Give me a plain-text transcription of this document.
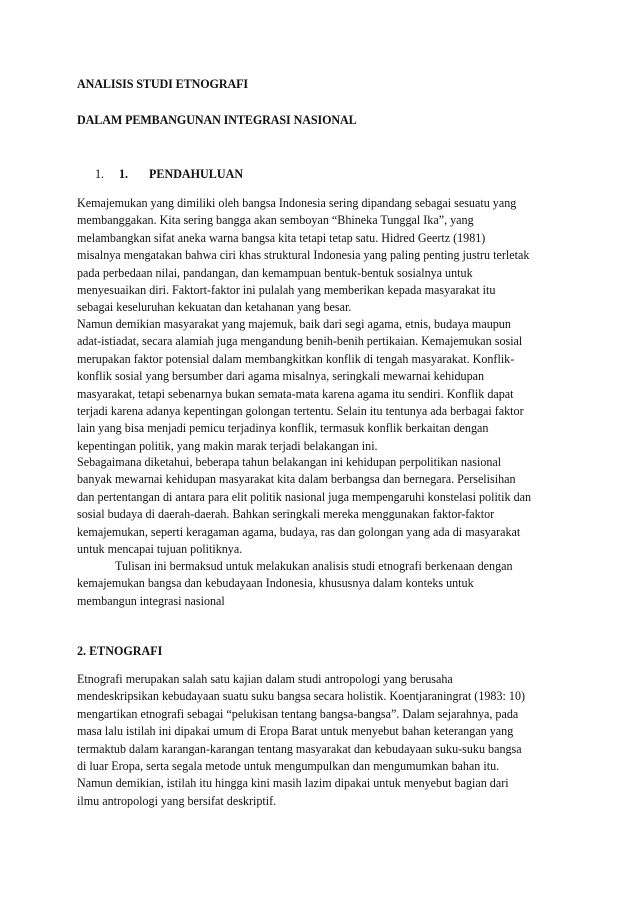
ANALISIS STUDI ETNOGRAFI
DALAM PEMBANGUNAN INTEGRASI NASIONAL
1. 1. PENDAHULUAN
Kemajemukan yang dimiliki oleh bangsa Indonesia sering dipandang sebagai sesuatu yang
membanggakan. Kita sering bangga akan semboyan “Bhineka Tunggal Ika”, yang
melambangkan sifat aneka warna bangsa kita tetapi tetap satu. Hidred Geertz (1981)
misalnya mengatakan bahwa ciri khas struktural Indonesia yang paling penting justru terletak
pada perbedaan nilai, pandangan, dan kemampuan bentuk-bentuk sosialnya untuk
menyesuaikan diri. Faktort-faktor ini pulalah yang memberikan kepada masyarakat itu
sebagai keseluruhan kekuatan dan ketahanan yang besar.
Namun demikian masyarakat yang majemuk, baik dari segi agama, etnis, budaya maupun
adat-istiadat, secara alamiah juga mengandung benih-benih pertikaian. Kemajemukan sosial
merupakan faktor potensial dalam membangkitkan konflik di tengah masyarakat. Konflik-
konflik sosial yang bersumber dari agama misalnya, seringkali mewarnai kehidupan
masyarakat, tetapi sebenarnya bukan semata-mata karena agama itu sendiri. Konflik dapat
terjadi karena adanya kepentingan golongan tertentu. Selain itu tentunya ada berbagai faktor
lain yang bisa menjadi pemicu terjadinya konflik, termasuk konflik berkaitan dengan
kepentingan politik, yang makin marak terjadi belakangan ini.
Sebagaimana diketahui, beberapa tahun belakangan ini kehidupan perpolitikan nasional
banyak mewarnai kehidupan masyarakat kita dalam berbangsa dan bernegara. Perselisihan
dan pertentangan di antara para elit politik nasional juga mempengaruhi konstelasi politik dan
sosial budaya di daerah-daerah. Bahkan seringkali mereka menggunakan faktor-faktor
kemajemukan, seperti keragaman agama, budaya, ras dan golongan yang ada di masyarakat
untuk mencapai tujuan politiknya.
Tulisan ini bermaksud untuk melakukan analisis studi etnografi berkenaan dengan
kemajemukan bangsa dan kebudayaan Indonesia, khususnya dalam konteks untuk
membangun integrasi nasional
2. ETNOGRAFI
Etnografi merupakan salah satu kajian dalam studi antropologi yang berusaha
mendeskripsikan kebudayaan suatu suku bangsa secara holistik. Koentjaraningrat (1983: 10)
mengartikan etnografi sebagai “pelukisan tentang bangsa-bangsa”. Dalam sejarahnya, pada
masa lalu istilah ini dipakai umum di Eropa Barat untuk menyebut bahan keterangan yang
termaktub dalam karangan-karangan tentang masyarakat dan kebudayaan suku-suku bangsa
di luar Eropa, serta segala metode untuk mengumpulkan dan mengumumkan bahan itu.
Namun demikian, istilah itu hingga kini masih lazim dipakai untuk menyebut bagian dari
ilmu antropologi yang bersifat deskriptif.
